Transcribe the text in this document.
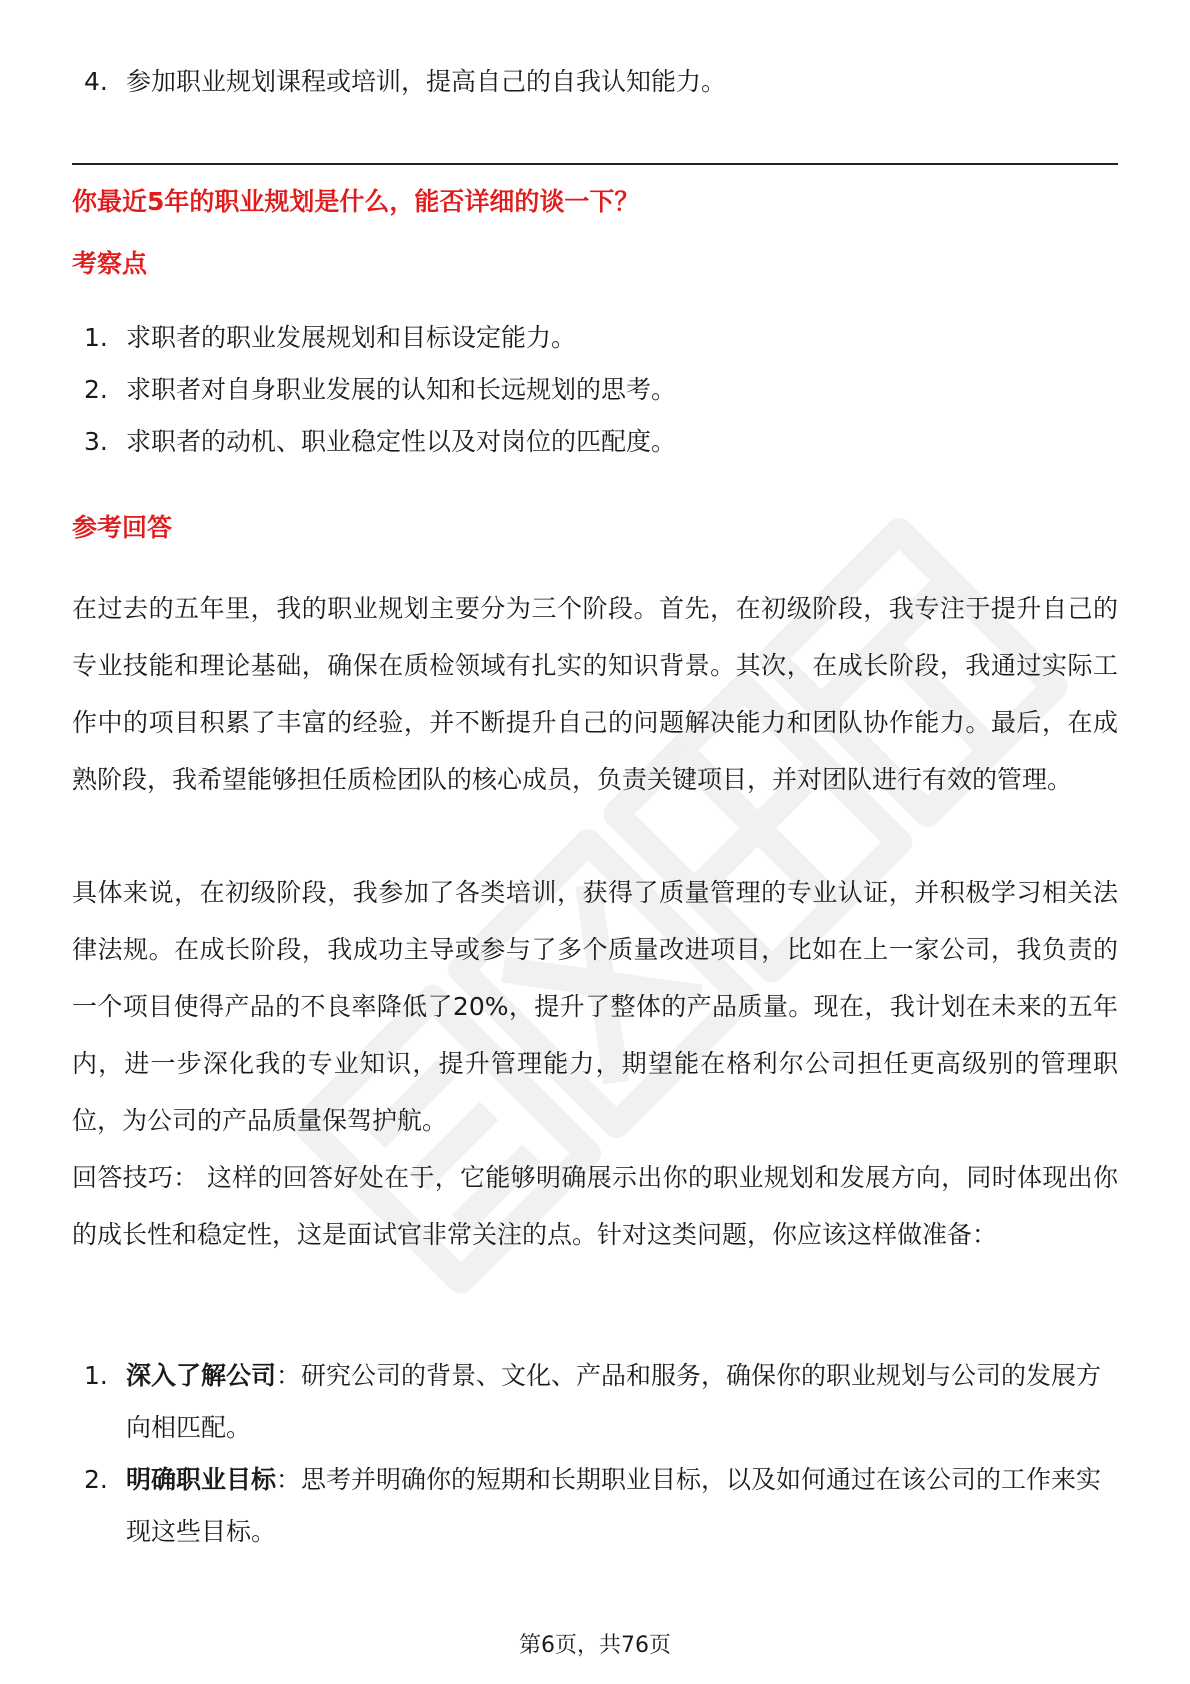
4. 参加职业规划课程或培训，提高自己的自我认知能力。
你最近5年的职业规划是什么，能否详细的谈一下？
考察点
1. 求职者的职业发展规划和目标设定能力。
2. 求职者对自身职业发展的认知和长远规划的思考。
3. 求职者的动机、职业稳定性以及对岗位的匹配度。
参考回答

在过去的五年里，我的职业规划主要分为三个阶段。首先，在初级阶段，我专注于提升自己的专业技能和理论基础，确保在质检领域有扎实的知识背景。其次，在成长阶段，我通过实际工作中的项目积累了丰富的经验，并不断提升自己的问题解决能力和团队协作能力。最后，在成熟阶段，我希望能够担任质检团队的核心成员，负责关键项目，并对团队进行有效的管理。

具体来说，在初级阶段，我参加了各类培训，获得了质量管理的专业认证，并积极学习相关法律法规。在成长阶段，我成功主导或参与了多个质量改进项目，比如在上一家公司，我负责的一个项目使得产品的不良率降低了20%，提升了整体的产品质量。现在，我计划在未来的五年内，进一步深化我的专业知识，提升管理能力，期望能在格利尔公司担任更高级别的管理职位，为公司的产品质量保驾护航。

回答技巧： 这样的回答好处在于，它能够明确展示出你的职业规划和发展方向，同时体现出你的成长性和稳定性，这是面试官非常关注的点。针对这类问题，你应该这样做准备：

1. 深入了解公司：研究公司的背景、文化、产品和服务，确保你的职业规划与公司的发展方向相匹配。
2. 明确职业目标：思考并明确你的短期和长期职业目标，以及如何通过在该公司的工作来实现这些目标。
第6页，共76页
